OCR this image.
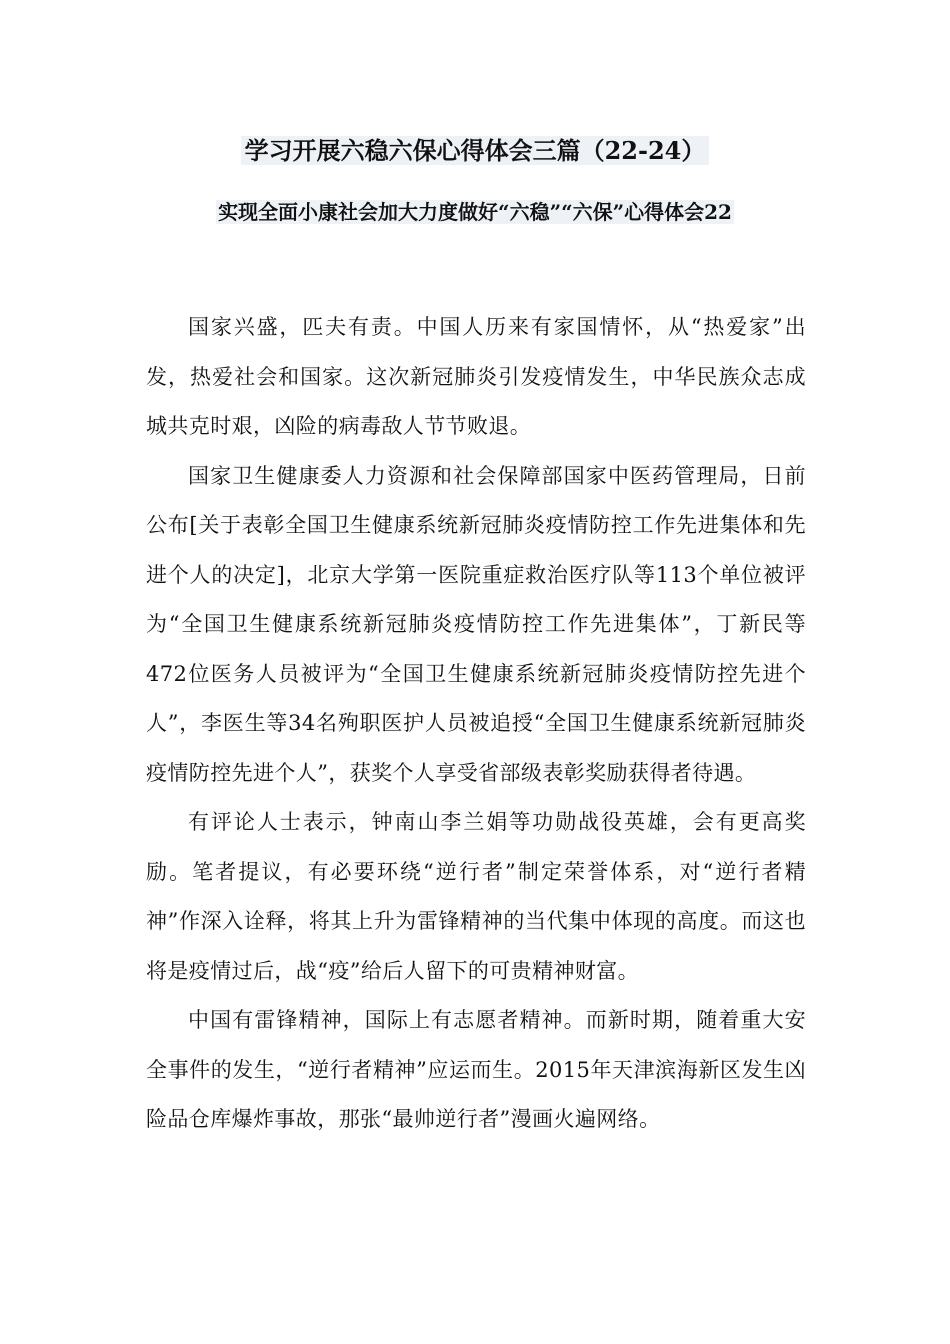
学习开展六稳六保心得体会三篇（22-24）
实现全面小康社会加大力度做好“六稳”“六保”心得体会22

国家兴盛，匹夫有责。中国人历来有家国情怀，从“热爱家”出发，热爱社会和国家。这次新冠肺炎引发疫情发生，中华民族众志成城共克时艰，凶险的病毒敌人节节败退。

国家卫生健康委人力资源和社会保障部国家中医药管理局，日前公布[关于表彰全国卫生健康系统新冠肺炎疫情防控工作先进集体和先进个人的决定]，北京大学第一医院重症救治医疗队等113个单位被评为“全国卫生健康系统新冠肺炎疫情防控工作先进集体”，丁新民等472位医务人员被评为“全国卫生健康系统新冠肺炎疫情防控先进个人”，李医生等34名殉职医护人员被追授“全国卫生健康系统新冠肺炎疫情防控先进个人”，获奖个人享受省部级表彰奖励获得者待遇。

有评论人士表示，钟南山李兰娟等功勋战役英雄，会有更高奖励。笔者提议，有必要环绕“逆行者”制定荣誉体系，对“逆行者精神”作深入诠释，将其上升为雷锋精神的当代集中体现的高度。而这也将是疫情过后，战“疫”给后人留下的可贵精神财富。

中国有雷锋精神，国际上有志愿者精神。而新时期，随着重大安全事件的发生，“逆行者精神”应运而生。2015年天津滨海新区发生凶险品仓库爆炸事故，那张“最帅逆行者”漫画火遍网络。
